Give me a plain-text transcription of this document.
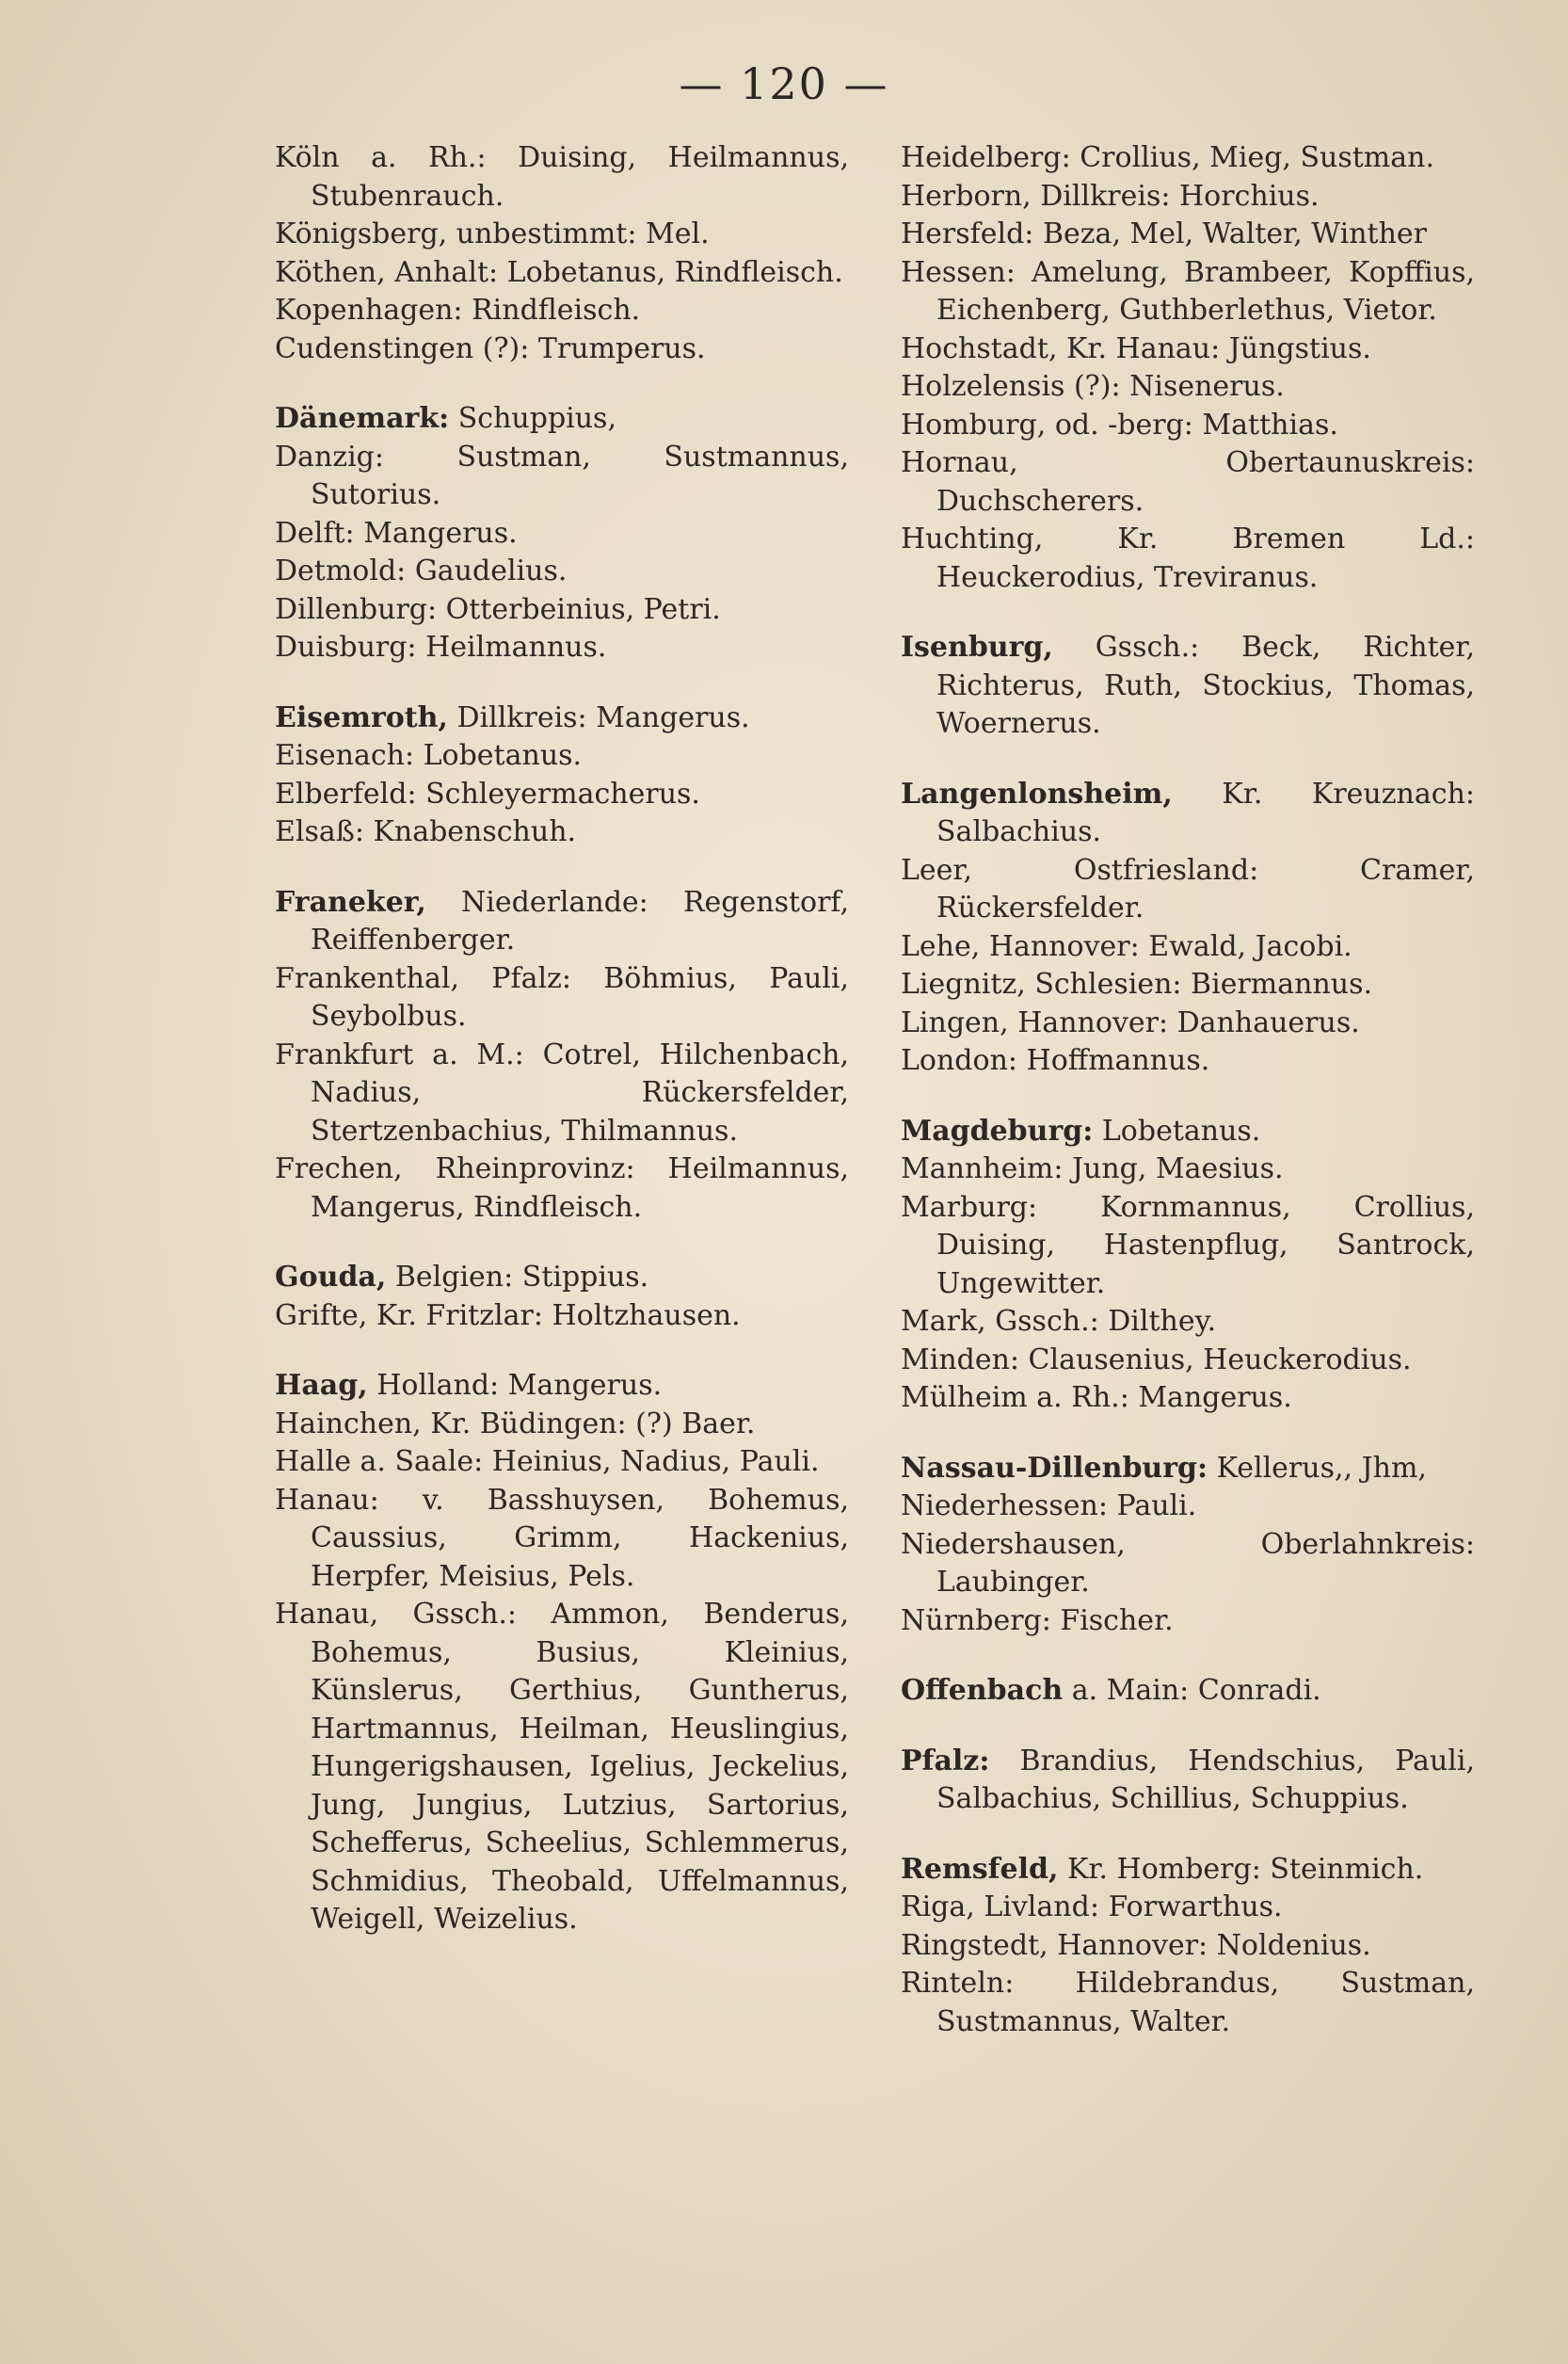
— 120 —

Köln a. Rh.: Duising, Heilmannus, Stubenrauch.

Königsberg, unbestimmt: Mel.

Köthen, Anhalt: Lobetanus, Rindfleisch.

Kopenhagen: Rindfleisch.

Cudenstingen (?): Trumperus.

Dänemark: Schuppius,

Danzig: Sustman, Sustmannus, Sutorius.

Delft: Mangerus.

Detmold: Gaudelius.

Dillenburg: Otterbeinius, Petri.

Duisburg: Heilmannus.

Eisemroth, Dillkreis: Mangerus.

Eisenach: Lobetanus.

Elberfeld: Schleyermacherus.

Elsaß: Knabenschuh.

Franeker, Niederlande: Regenstorf, Reiffenberger.

Frankenthal, Pfalz: Böhmius, Pauli, Seybolbus.

Frankfurt a. M.: Cotrel, Hilchenbach, Nadius, Rückersfelder, Stertzenbachius, Thilmannus.

Frechen, Rheinprovinz: Heilmannus, Mangerus, Rindfleisch.

Gouda, Belgien: Stippius.

Grifte, Kr. Fritzlar: Holtzhausen.

Haag, Holland: Mangerus.

Hainchen, Kr. Büdingen: (?) Baer.

Halle a. Saale: Heinius, Nadius, Pauli.

Hanau: v. Basshuysen, Bohemus, Caussius, Grimm, Hackenius, Herpfer, Meisius, Pels.

Hanau, Gssch.: Ammon, Benderus, Bohemus, Busius, Kleinius, Künslerus, Gerthius, Guntherus, Hartmannus, Heilman, Heuslingius, Hungerigshausen, Igelius, Jeckelius, Jung, Jungius, Lutzius, Sartorius, Schefferus, Scheelius, Schlemmerus, Schmidius, Theobald, Uffelmannus, Weigell, Weizelius.

Heidelberg: Crollius, Mieg, Sustman.

Herborn, Dillkreis: Horchius.

Hersfeld: Beza, Mel, Walter, Winther

Hessen: Amelung, Brambeer, Kopffius, Eichenberg, Guthberlethus, Vietor.

Hochstadt, Kr. Hanau: Jüngstius.

Holzelensis (?): Nisenerus.

Homburg, od. -berg: Matthias.

Hornau, Obertaunuskreis: Duchscherers.

Huchting, Kr. Bremen Ld.: Heuckerodius, Treviranus.

Isenburg, Gssch.: Beck, Richter, Richterus, Ruth, Stockius, Thomas, Woernerus.

Langenlonsheim, Kr. Kreuznach: Salbachius.

Leer, Ostfriesland: Cramer, Rückersfelder.

Lehe, Hannover: Ewald, Jacobi.

Liegnitz, Schlesien: Biermannus.

Lingen, Hannover: Danhauerus.

London: Hoffmannus.

Magdeburg: Lobetanus.

Mannheim: Jung, Maesius.

Marburg: Kornmannus, Crollius, Duising, Hastenpflug, Santrock, Ungewitter.

Mark, Gssch.: Dilthey.

Minden: Clausenius, Heuckerodius.

Mülheim a. Rh.: Mangerus.

Nassau-Dillenburg: Kellerus,, Jhm,

Niederhessen: Pauli.

Niedershausen, Oberlahnkreis: Laubinger.

Nürnberg: Fischer.

Offenbach a. Main: Conradi.

Pfalz: Brandius, Hendschius, Pauli, Salbachius, Schillius, Schuppius.

Remsfeld, Kr. Homberg: Steinmich.

Riga, Livland: Forwarthus.

Ringstedt, Hannover: Noldenius.

Rinteln: Hildebrandus, Sustman, Sustmannus, Walter.
